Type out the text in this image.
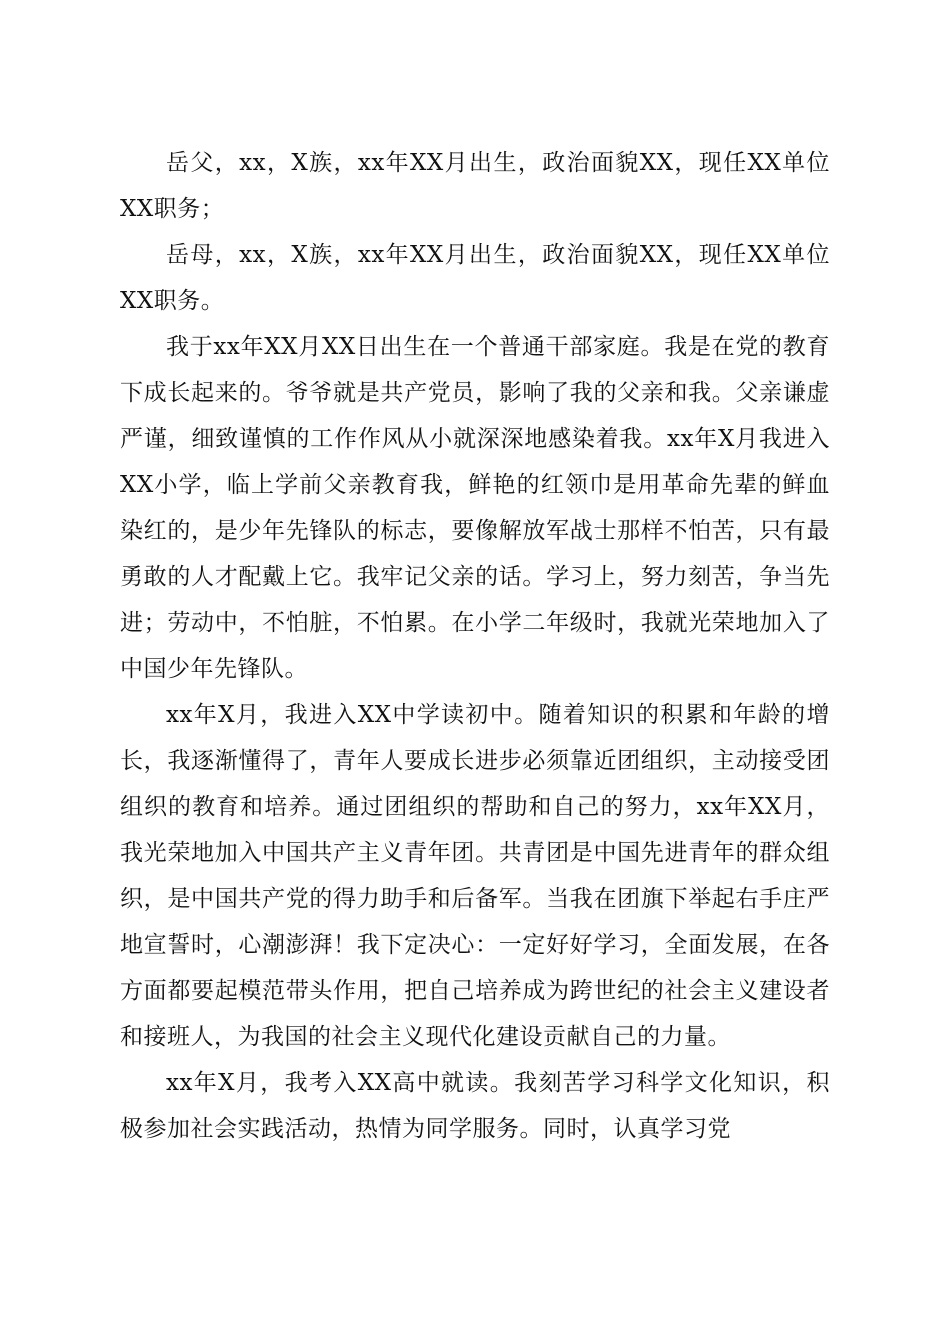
岳父，xx，X族，xx年XX月出生，政治面貌XX，现任XX单位XX职务；

岳母，xx，X族，xx年XX月出生，政治面貌XX，现任XX单位XX职务。

我于xx年XX月XX日出生在一个普通干部家庭。我是在党的教育下成长起来的。爷爷就是共产党员，影响了我的父亲和我。父亲谦虚严谨，细致谨慎的工作作风从小就深深地感染着我。xx年X月我进入XX小学，临上学前父亲教育我，鲜艳的红领巾是用革命先辈的鲜血染红的，是少年先锋队的标志，要像解放军战士那样不怕苦，只有最勇敢的人才配戴上它。我牢记父亲的话。学习上，努力刻苦，争当先进；劳动中，不怕脏，不怕累。在小学二年级时，我就光荣地加入了中国少年先锋队。

xx年X月，我进入XX中学读初中。随着知识的积累和年龄的增长，我逐渐懂得了，青年人要成长进步必须靠近团组织，主动接受团组织的教育和培养。通过团组织的帮助和自己的努力，xx年XX月，我光荣地加入中国共产主义青年团。共青团是中国先进青年的群众组织，是中国共产党的得力助手和后备军。当我在团旗下举起右手庄严地宣誓时，心潮澎湃！我下定决心：一定好好学习，全面发展，在各方面都要起模范带头作用，把自己培养成为跨世纪的社会主义建设者和接班人，为我国的社会主义现代化建设贡献自己的力量。

xx年X月，我考入XX高中就读。我刻苦学习科学文化知识，积极参加社会实践活动，热情为同学服务。同时，认真学习党
